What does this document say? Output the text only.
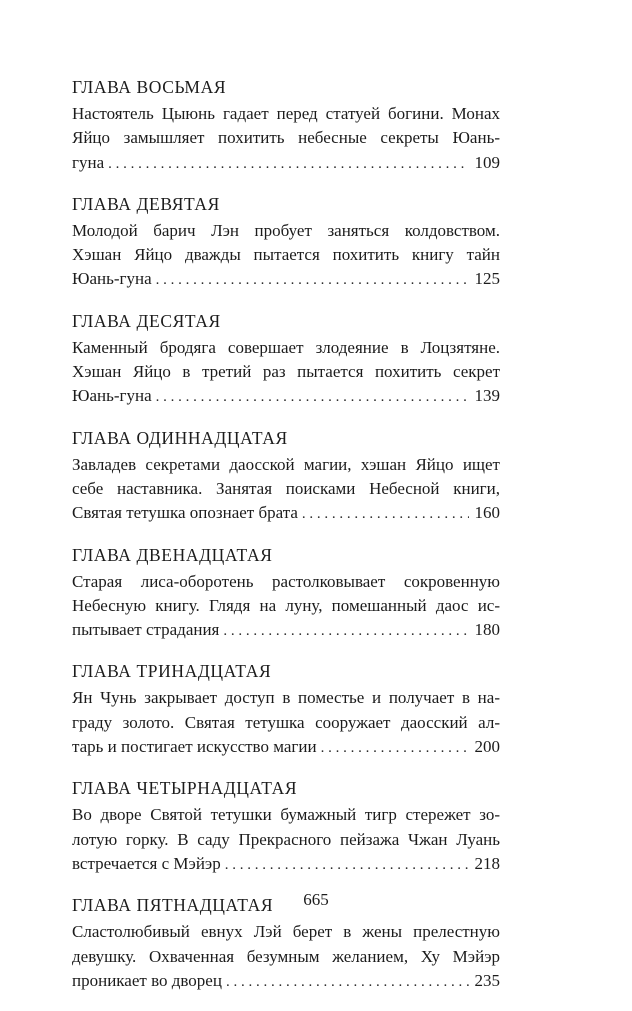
ГЛАВА ВОСЬМАЯ
Настоятель Цыюнь гадает перед статуей богини. Монах
Яйцо замышляет похитить небесные секреты Юань-
гуна . . .	109
ГЛАВА ДЕВЯТАЯ
Молодой барич Лэн пробует заняться колдовством.
Хэшан Яйцо дважды пытается похитить книгу тайн
Юань-гуна . . .	125
ГЛАВА ДЕСЯТАЯ
Каменный бродяга совершает злодеяние в Лоцзятяне.
Хэшан Яйцо в третий раз пытается похитить секрет
Юань-гуна . . .	139
ГЛАВА ОДИННАДЦАТАЯ
Завладев секретами даосской магии, хэшан Яйцо ищет
себе наставника. Занятая поисками Небесной книги,
Святая тетушка опознает брата . . .	160
ГЛАВА ДВЕНАДЦАТАЯ
Старая лиса-оборотень растолковывает сокровенную
Небесную книгу. Глядя на луну, помешанный даос ис-
пытывает страдания . . .	180
ГЛАВА ТРИНАДЦАТАЯ
Ян Чунь закрывает доступ в поместье и получает в на-
граду золото. Святая тетушка сооружает даосский ал-
тарь и постигает искусство магии . . .	200
ГЛАВА ЧЕТЫРНАДЦАТАЯ
Во дворе Святой тетушки бумажный тигр стережет зо-
лотую горку. В саду Прекрасного пейзажа Чжан Луань
встречается с Мэйэр . . .	218
ГЛАВА ПЯТНАДЦАТАЯ
Сластолюбивый евнух Лэй берет в жены прелестную
девушку. Охваченная безумным желанием, Ху Мэйэр
проникает во дворец . . .	235
665
